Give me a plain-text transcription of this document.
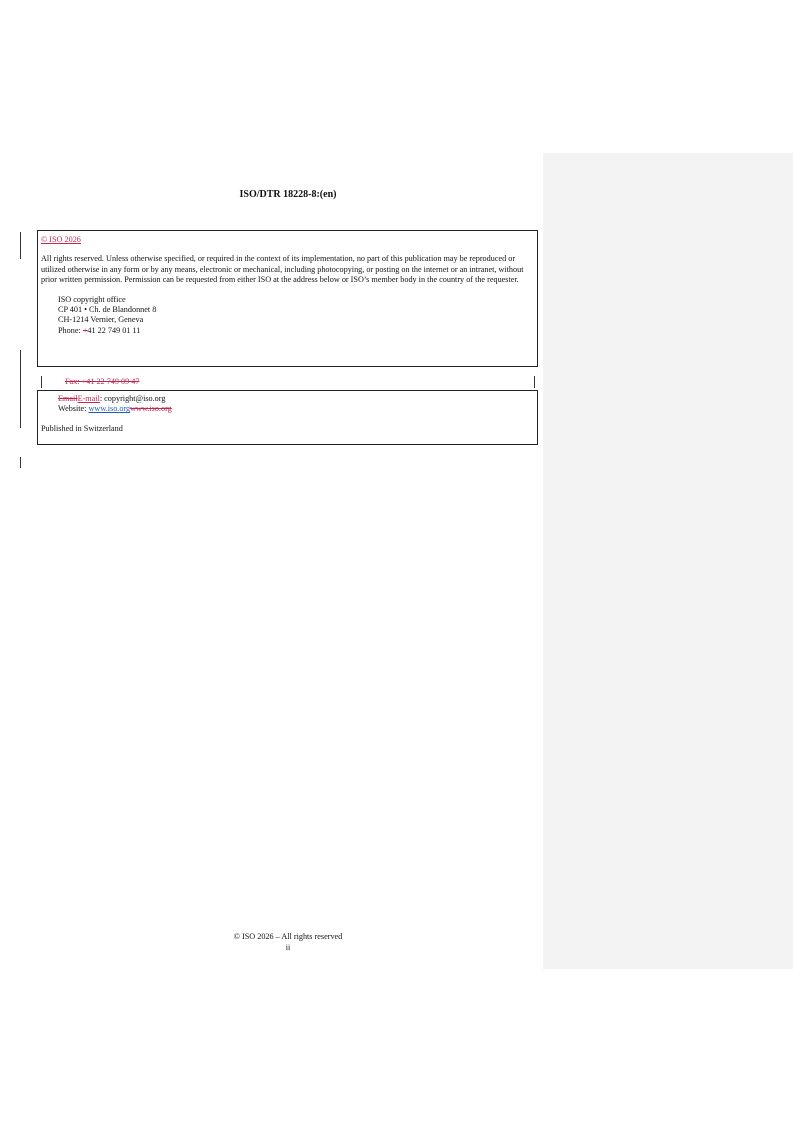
ISO/DTR 18228-8:(en)
© ISO 2026
All rights reserved. Unless otherwise specified, or required in the context of its implementation, no part of this publication may be reproduced or utilized otherwise in any form or by any means, electronic or mechanical, including photocopying, or posting on the internet or an intranet, without prior written permission. Permission can be requested from either ISO at the address below or ISO’s member body in the country of the requester.
ISO copyright office
CP 401 • Ch. de Blandonnet 8
CH-1214 Vernier, Geneva
Phone: +41 22 749 01 11
Fax: +41 22 749 09 47
EmailE-mail: copyright@iso.org
Website: www.iso.orgwww.iso.org
Published in Switzerland
© ISO 2026 – All rights reserved
ii
